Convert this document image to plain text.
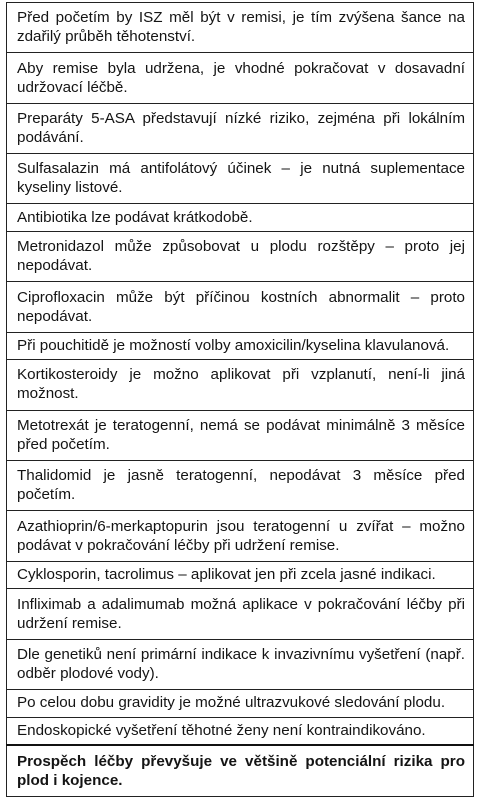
Před početím by ISZ měl být v remisi, je tím zvýšena šance na zdařilý průběh těhotenství.
Aby remise byla udržena, je vhodné pokračovat v dosavadní udržovací léčbě.
Preparáty 5-ASA představují nízké riziko, zejména při lokálním podávání.
Sulfasalazin má antifolátový účinek – je nutná suplementace kyseliny listové.
Antibiotika lze podávat krátkodobě.
Metronidazol může způsobovat u plodu rozštěpy – proto jej nepodávat.
Ciprofloxacin může být příčinou kostních abnormalit – proto nepodávat.
Při pouchitidě je možností volby amoxicilin/kyselina klavulanová.
Kortikosteroidy je možno aplikovat při vzplanutí, není-li jiná možnost.
Metotrexát je teratogenní, nemá se podávat minimálně 3 měsíce před početím.
Thalidomid je jasně teratogenní, nepodávat 3 měsíce před početím.
Azathioprin/6-merkaptopurin jsou teratogenní u zvířat – možno podávat v pokračování léčby při udržení remise.
Cyklosporin, tacrolimus – aplikovat jen při zcela jasné indikaci.
Infliximab a adalimumab možná aplikace v pokračování léčby při udržení remise.
Dle genetiků není primární indikace k invazivnímu vyšetření (např. odběr plodové vody).
Po celou dobu gravidity je možné ultrazvukové sledování plodu.
Endoskopické vyšetření těhotné ženy není kontraindikováno.
Prospěch léčby převyšuje ve většině potenciální rizika pro plod i kojence.
